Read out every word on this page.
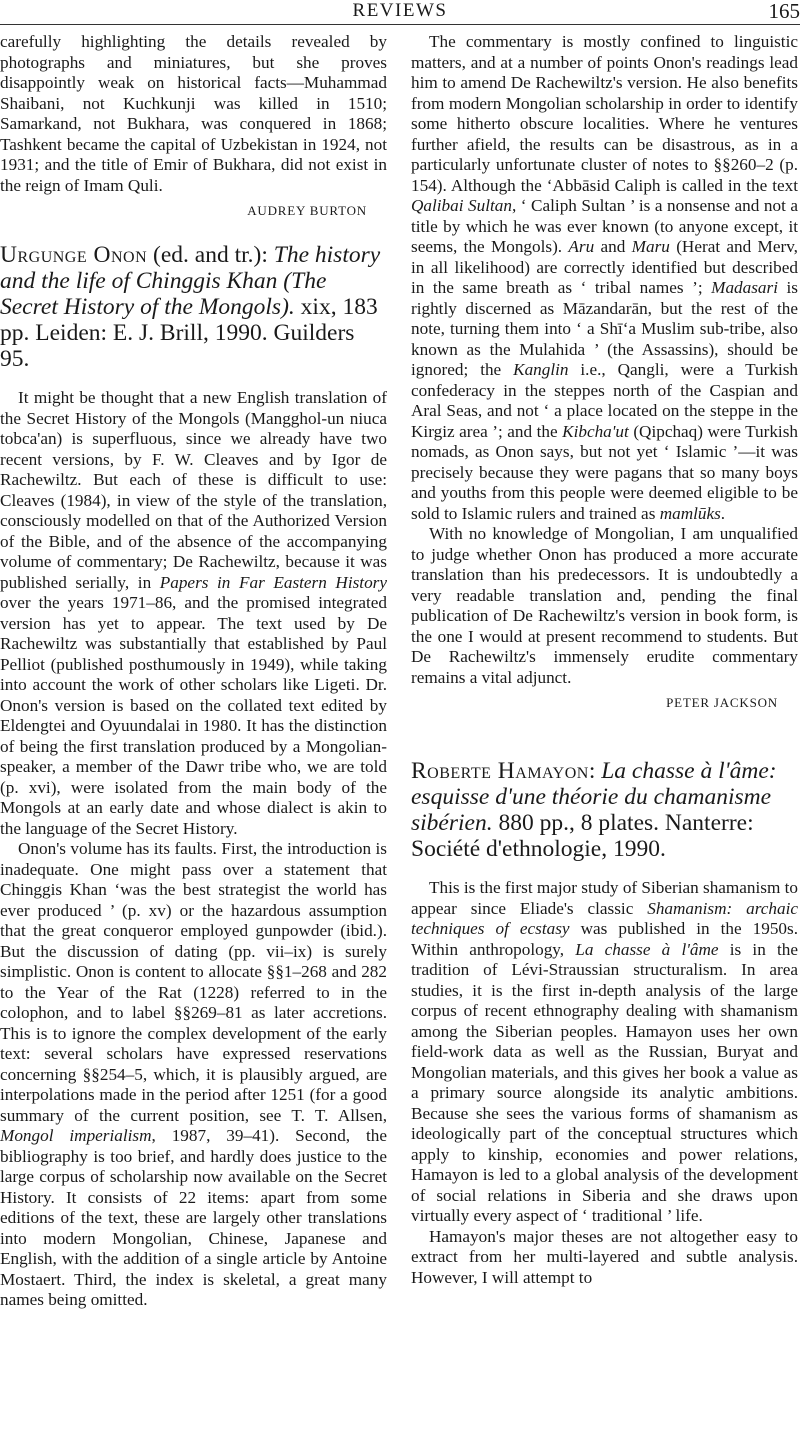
REVIEWS	165

carefully highlighting the details revealed by photographs and miniatures, but she proves disappointly weak on historical facts—Muhammad Shaibani, not Kuchkunji was killed in 1510; Samarkand, not Bukhara, was conquered in 1868; Tashkent became the capital of Uzbekistan in 1924, not 1931; and the title of Emir of Bukhara, did not exist in the reign of Imam Quli.

AUDREY BURTON
Urgunge Onon (ed. and tr.): The history and the life of Chinggis Khan (The Secret History of the Mongols). xix, 183 pp. Leiden: E. J. Brill, 1990. Guilders 95.

It might be thought that a new English translation of the Secret History of the Mongols (Mangghol-un niuca tobca'an) is superfluous, since we already have two recent versions, by F. W. Cleaves and by Igor de Rachewiltz. But each of these is difficult to use: Cleaves (1984), in view of the style of the translation, consciously modelled on that of the Authorized Version of the Bible, and of the absence of the accompanying volume of commentary; De Rachewiltz, because it was published serially, in Papers in Far Eastern History over the years 1971–86, and the promised integrated version has yet to appear. The text used by De Rachewiltz was substantially that established by Paul Pelliot (published posthumously in 1949), while taking into account the work of other scholars like Ligeti. Dr. Onon's version is based on the collated text edited by Eldengtei and Oyuundalai in 1980. It has the distinction of being the first translation produced by a Mongolian-speaker, a member of the Dawr tribe who, we are told (p. xvi), were isolated from the main body of the Mongols at an early date and whose dialect is akin to the language of the Secret History.

Onon's volume has its faults. First, the introduction is inadequate. One might pass over a statement that Chinggis Khan ‘was the best strategist the world has ever produced ’ (p. xv) or the hazardous assumption that the great conqueror employed gunpowder (ibid.). But the discussion of dating (pp. vii–ix) is surely simplistic. Onon is content to allocate §§1–268 and 282 to the Year of the Rat (1228) referred to in the colophon, and to label §§269–81 as later accretions. This is to ignore the complex development of the early text: several scholars have expressed reservations concerning §§254–5, which, it is plausibly argued, are interpolations made in the period after 1251 (for a good summary of the current position, see T. T. Allsen, Mongol imperialism, 1987, 39–41). Second, the bibliography is too brief, and hardly does justice to the large corpus of scholarship now available on the Secret History. It consists of 22 items: apart from some editions of the text, these are largely other translations into modern Mongolian, Chinese, Japanese and English, with the addition of a single article by Antoine Mostaert. Third, the index is skeletal, a great many names being omitted.

The commentary is mostly confined to linguistic matters, and at a number of points Onon's readings lead him to amend De Rachewiltz's version. He also benefits from modern Mongolian scholarship in order to identify some hitherto obscure localities. Where he ventures further afield, the results can be disastrous, as in a particularly unfortunate cluster of notes to §§260–2 (p. 154). Although the ‘Abbāsid Caliph is called in the text Qalibai Sultan, ‘ Caliph Sultan ’ is a nonsense and not a title by which he was ever known (to anyone except, it seems, the Mongols). Aru and Maru (Herat and Merv, in all likelihood) are correctly identified but described in the same breath as ‘ tribal names ’; Madasari is rightly discerned as Māzandarān, but the rest of the note, turning them into ‘ a Shī‘a Muslim sub-tribe, also known as the Mulahida ’ (the Assassins), should be ignored; the Kanglin i.e., Qangli, were a Turkish confederacy in the steppes north of the Caspian and Aral Seas, and not ‘ a place located on the steppe in the Kirgiz area ’; and the Kibcha'ut (Qipchaq) were Turkish nomads, as Onon says, but not yet ‘ Islamic ’—it was precisely because they were pagans that so many boys and youths from this people were deemed eligible to be sold to Islamic rulers and trained as mamlūks.

With no knowledge of Mongolian, I am unqualified to judge whether Onon has produced a more accurate translation than his predecessors. It is undoubtedly a very readable translation and, pending the final publication of De Rachewiltz's version in book form, is the one I would at present recommend to students. But De Rachewiltz's immensely erudite commentary remains a vital adjunct.

PETER JACKSON
Roberte Hamayon: La chasse à l'âme: esquisse d'une théorie du chamanisme sibérien. 880 pp., 8 plates. Nanterre: Société d'ethnologie, 1990.

This is the first major study of Siberian shamanism to appear since Eliade's classic Shamanism: archaic techniques of ecstasy was published in the 1950s. Within anthropology, La chasse à l'âme is in the tradition of Lévi-Straussian structuralism. In area studies, it is the first in-depth analysis of the large corpus of recent ethnography dealing with shamanism among the Siberian peoples. Hamayon uses her own field-work data as well as the Russian, Buryat and Mongolian materials, and this gives her book a value as a primary source alongside its analytic ambitions. Because she sees the various forms of shamanism as ideologically part of the conceptual structures which apply to kinship, economies and power relations, Hamayon is led to a global analysis of the development of social relations in Siberia and she draws upon virtually every aspect of ‘ traditional ’ life.

Hamayon's major theses are not altogether easy to extract from her multi-layered and subtle analysis. However, I will attempt to
